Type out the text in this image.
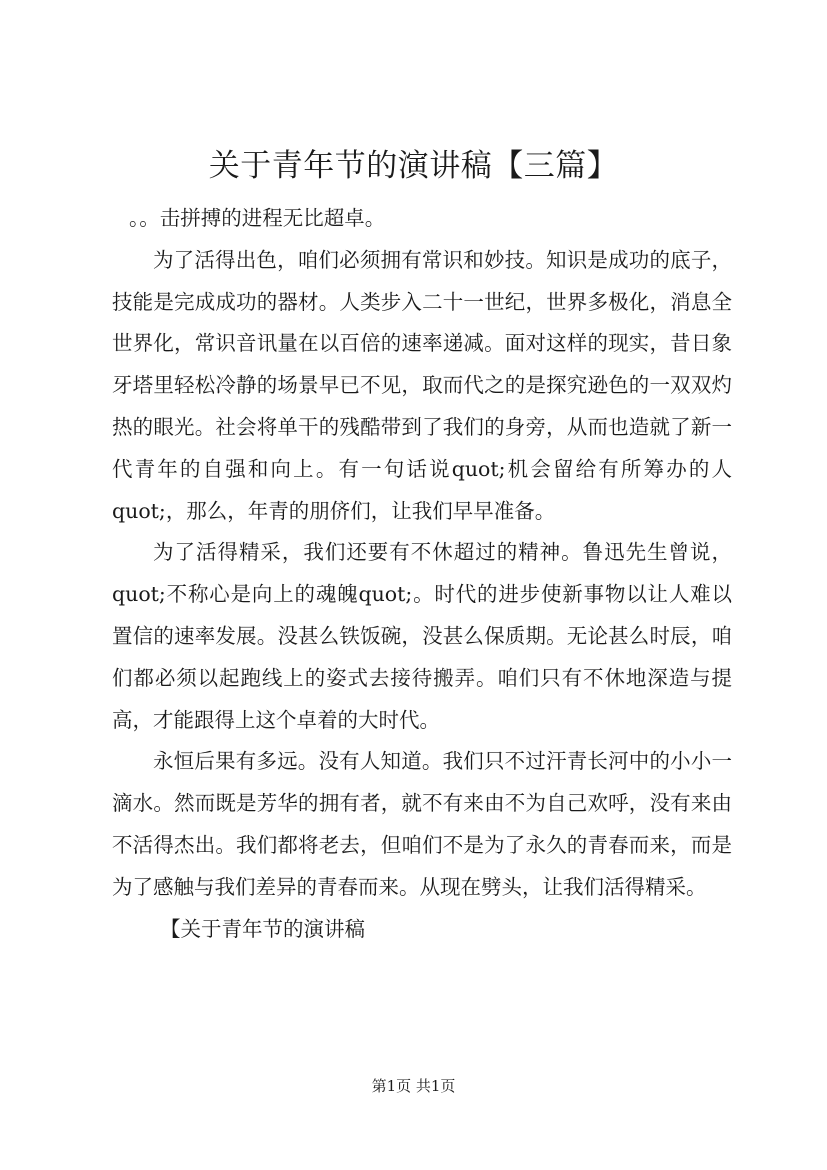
关于青年节的演讲稿【三篇】

。。击拼搏的进程无比超卓。

为了活得出色，咱们必须拥有常识和妙技。知识是成功的底子，技能是完成成功的器材。人类步入二十一世纪，世界多极化，消息全世界化，常识音讯量在以百倍的速率递减。面对这样的现实，昔日象牙塔里轻松冷静的场景早已不见，取而代之的是探究逊色的一双双灼热的眼光。社会将单干的残酷带到了我们的身旁，从而也造就了新一代青年的自强和向上。有一句话说quot;机会留给有所筹办的人quot;，那么，年青的朋侪们，让我们早早准备。

为了活得精采，我们还要有不休超过的精神。鲁迅先生曾说，quot;不称心是向上的魂魄quot;。时代的进步使新事物以让人难以置信的速率发展。没甚么铁饭碗，没甚么保质期。无论甚么时辰，咱们都必须以起跑线上的姿式去接待搬弄。咱们只有不休地深造与提高，才能跟得上这个卓着的大时代。

永恒后果有多远。没有人知道。我们只不过汗青长河中的小小一滴水。然而既是芳华的拥有者，就不有来由不为自己欢呼，没有来由不活得杰出。我们都将老去，但咱们不是为了永久的青春而来，而是为了感触与我们差异的青春而来。从现在劈头，让我们活得精采。

【关于青年节的演讲稿

第1页 共1页
